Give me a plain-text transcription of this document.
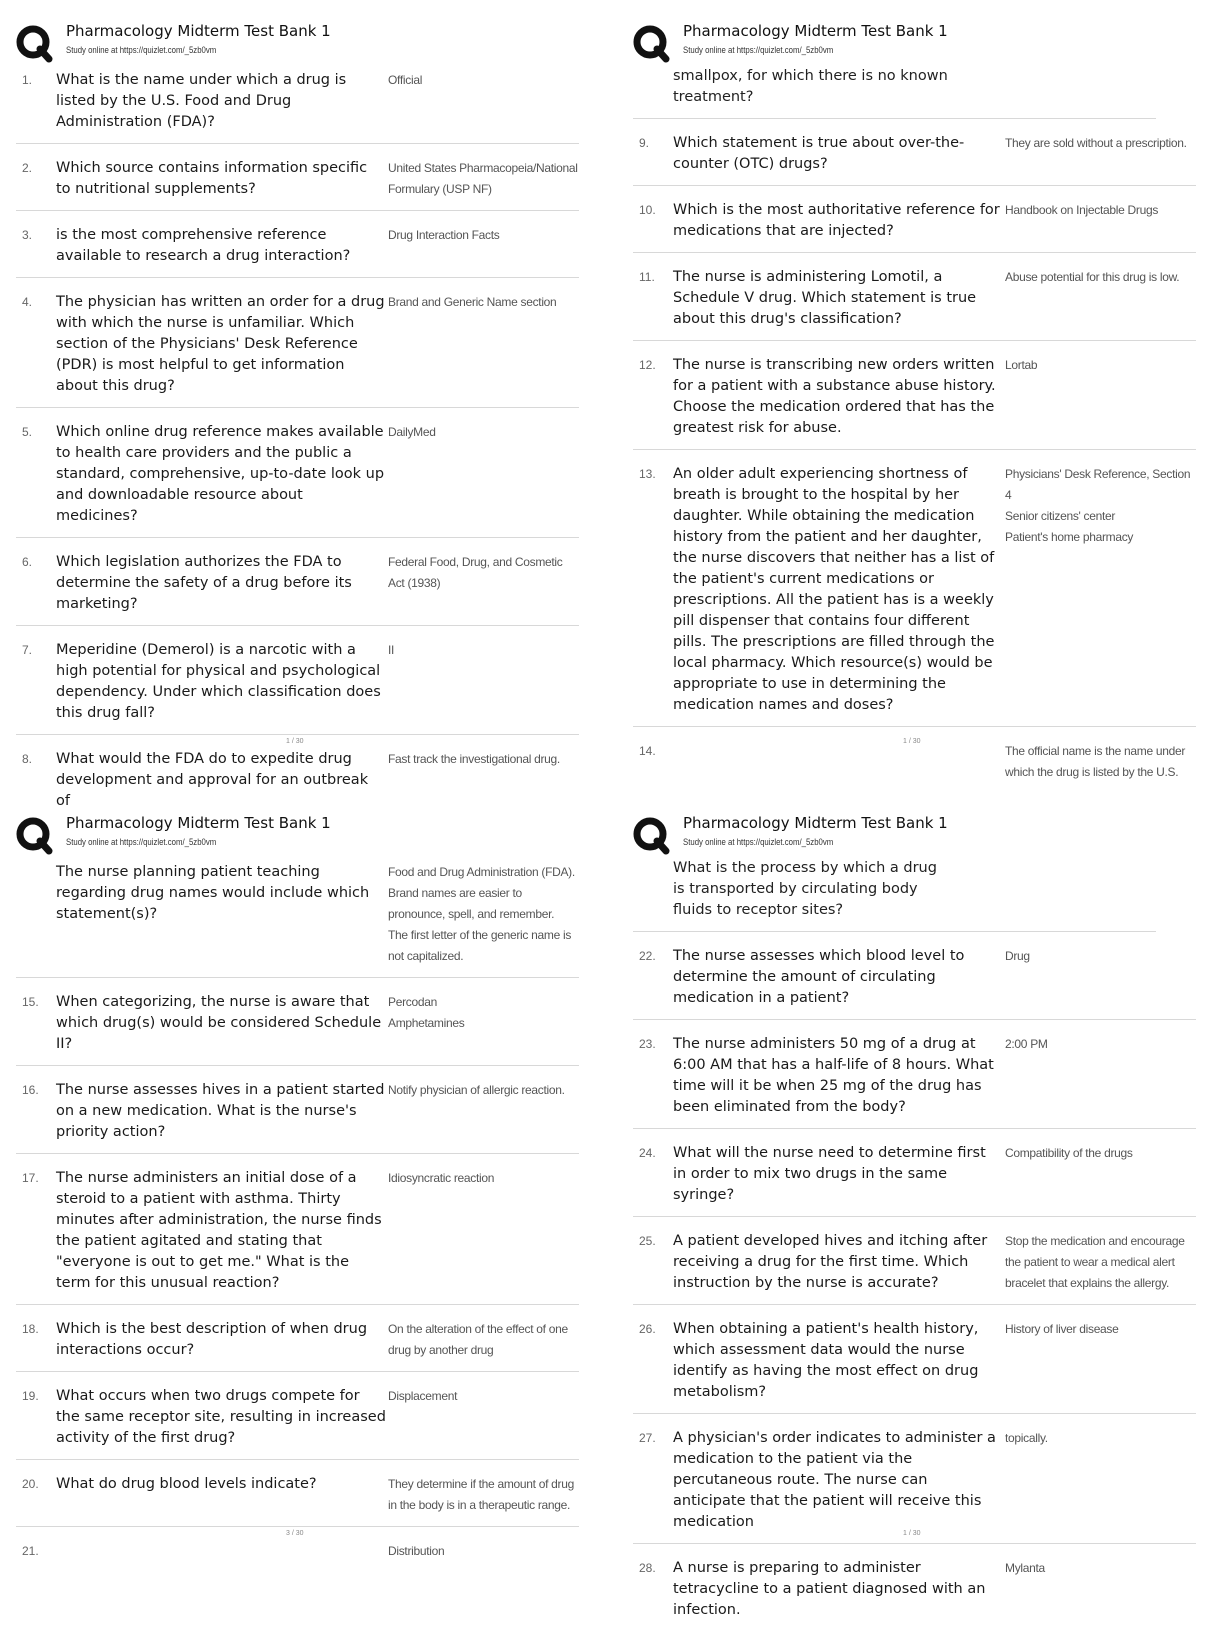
Pharmacology Midterm Test Bank 1
Study online at https://quizlet.com/_5zb0vm
1.	What is the name under which a drug is listed by the U.S. Food and Drug Administration (FDA)?
Official
2.	Which source contains information specific to nutritional supplements?
United States Pharmacopeia/National Formulary (USP NF)
3.	is the most comprehensive reference available to research a drug interaction?
Drug Interaction Facts
4.	The physician has written an order for a drug with which the nurse is unfamiliar. Which section of the Physicians' Desk Reference (PDR) is most helpful to get information about this drug?
Brand and Generic Name section
5.	Which online drug reference makes available to health care providers and the public a standard, comprehensive, up-to-date look up and downloadable resource about medicines?
DailyMed
6.	Which legislation authorizes the FDA to determine the safety of a drug before its marketing?
Federal Food, Drug, and Cosmetic Act (1938)
7.	Meperidine (Demerol) is a narcotic with a high potential for physical and psychological dependency. Under which classification does this drug fall?
II
8.	What would the FDA do to expedite drug development and approval for an outbreak of
Fast track the investigational drug.
1 / 30
Pharmacology Midterm Test Bank 1
Study online at https://quizlet.com/_5zb0vm
smallpox, for which there is no known treatment?
9.	Which statement is true about over-the-counter (OTC) drugs?
They are sold without a prescription.
10.	Which is the most authoritative reference for medications that are injected?
Handbook on Injectable Drugs
11.	The nurse is administering Lomotil, a Schedule V drug. Which statement is true about this drug's classification?
Abuse potential for this drug is low.
12.	The nurse is transcribing new orders written for a patient with a substance abuse history. Choose the medication ordered that has the greatest risk for abuse.
Lortab
13.	An older adult experiencing shortness of breath is brought to the hospital by her daughter. While obtaining the medication history from the patient and her daughter, the nurse discovers that neither has a list of the patient's current medications or prescriptions. All the patient has is a weekly pill dispenser that contains four different pills. The prescriptions are filled through the local pharmacy. Which resource(s) would be appropriate to use in determining the medication names and doses?
Physicians' Desk Reference, Section 4
Senior citizens' center
Patient's home pharmacy
14.	The official name is the name under which the drug is listed by the U.S.
1 / 30
Pharmacology Midterm Test Bank 1
Study online at https://quizlet.com/_5zb0vm
The nurse planning patient teaching regarding drug names would include which statement(s)?
Food and Drug Administration (FDA).
Brand names are easier to pronounce, spell, and remember.
The first letter of the generic name is not capitalized.
15.	When categorizing, the nurse is aware that which drug(s) would be considered Schedule II?
Percodan
Amphetamines
16.	The nurse assesses hives in a patient started on a new medication. What is the nurse's priority action?
Notify physician of allergic reaction.
17.	The nurse administers an initial dose of a steroid to a patient with asthma. Thirty minutes after administration, the nurse finds the patient agitated and stating that "everyone is out to get me." What is the term for this unusual reaction?
Idiosyncratic reaction
18.	Which is the best description of when drug interactions occur?
On the alteration of the effect of one drug by another drug
19.	What occurs when two drugs compete for the same receptor site, resulting in increased activity of the first drug?
Displacement
20.	What do drug blood levels indicate?	They determine if the amount of drug in the body is in a therapeutic range.
21.	Distribution
3 / 30
Pharmacology Midterm Test Bank 1
Study online at https://quizlet.com/_5zb0vm
What is the process by which a drug is transported by circulating body fluids to receptor sites?
22.	The nurse assesses which blood level to determine the amount of circulating medication in a patient?
Drug
23.	The nurse administers 50 mg of a drug at 6:00 AM that has a half-life of 8 hours. What time will it be when 25 mg of the drug has been eliminated from the body?
2:00 PM
24.	What will the nurse need to determine first in order to mix two drugs in the same syringe?
Compatibility of the drugs
25.	A patient developed hives and itching after receiving a drug for the first time. Which instruction by the nurse is accurate?
Stop the medication and encourage the patient to wear a medical alert bracelet that explains the allergy.
26.	When obtaining a patient's health history, which assessment data would the nurse identify as having the most effect on drug metabolism?
History of liver disease
27.	A physician's order indicates to administer a medication to the patient via the percutaneous route. The nurse can anticipate that the patient will receive this medication
topically.
28.	A nurse is preparing to administer tetracycline to a patient diagnosed with an infection.
Mylanta
1 / 30
